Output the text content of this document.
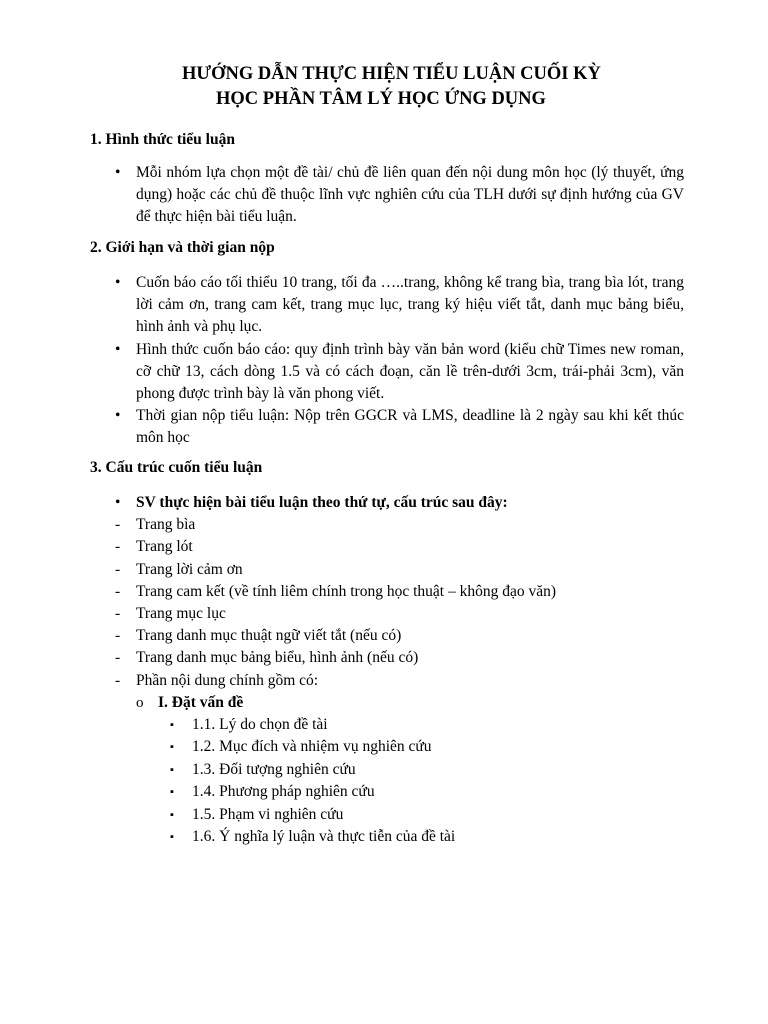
HƯỚNG DẪN THỰC HIỆN TIỂU LUẬN CUỐI KỲ
HỌC PHẦN TÂM LÝ HỌC ỨNG DỤNG
1. Hình thức tiểu luận
•	Mỗi nhóm lựa chọn một đề tài/ chủ đề liên quan đến nội dung môn học (lý thuyết, ứng dụng) hoặc các chủ đề thuộc lĩnh vực nghiên cứu của TLH dưới sự định hướng của GV để thực hiện bài tiểu luận.
2. Giới hạn và thời gian nộp
•	Cuốn báo cáo tối thiểu 10 trang, tối đa …..trang, không kể trang bìa, trang bìa lót, trang lời cảm ơn, trang cam kết, trang mục lục, trang ký hiệu viết tắt, danh mục bảng biểu, hình ảnh và phụ lục.
•	Hình thức cuốn báo cáo: quy định trình bày văn bản word (kiểu chữ Times new roman, cỡ chữ 13, cách dòng 1.5 và có cách đoạn, căn lề trên-dưới 3cm, trái-phải 3cm), văn phong được trình bày là văn phong viết.
•	Thời gian nộp tiểu luận: Nộp trên GGCR và LMS, deadline là 2 ngày sau khi kết thúc môn học
3. Cấu trúc cuốn tiểu luận
•	SV thực hiện bài tiểu luận theo thứ tự, cấu trúc sau đây:
-	Trang bìa
-	Trang lót
-	Trang lời cảm ơn
-	Trang cam kết (về tính liêm chính trong học thuật – không đạo văn)
-	Trang mục lục
-	Trang danh mục thuật ngữ viết tắt (nếu có)
-	Trang danh mục bảng biểu, hình ảnh (nếu có)
-	Phần nội dung chính gồm có:
o I. Đặt vấn đề
▪	1.1. Lý do chọn đề tài
▪	1.2. Mục đích và nhiệm vụ nghiên cứu
▪	1.3. Đối tượng nghiên cứu
▪	1.4. Phương pháp nghiên cứu
▪	1.5. Phạm vi nghiên cứu
▪	1.6. Ý nghĩa lý luận và thực tiễn của đề tài
